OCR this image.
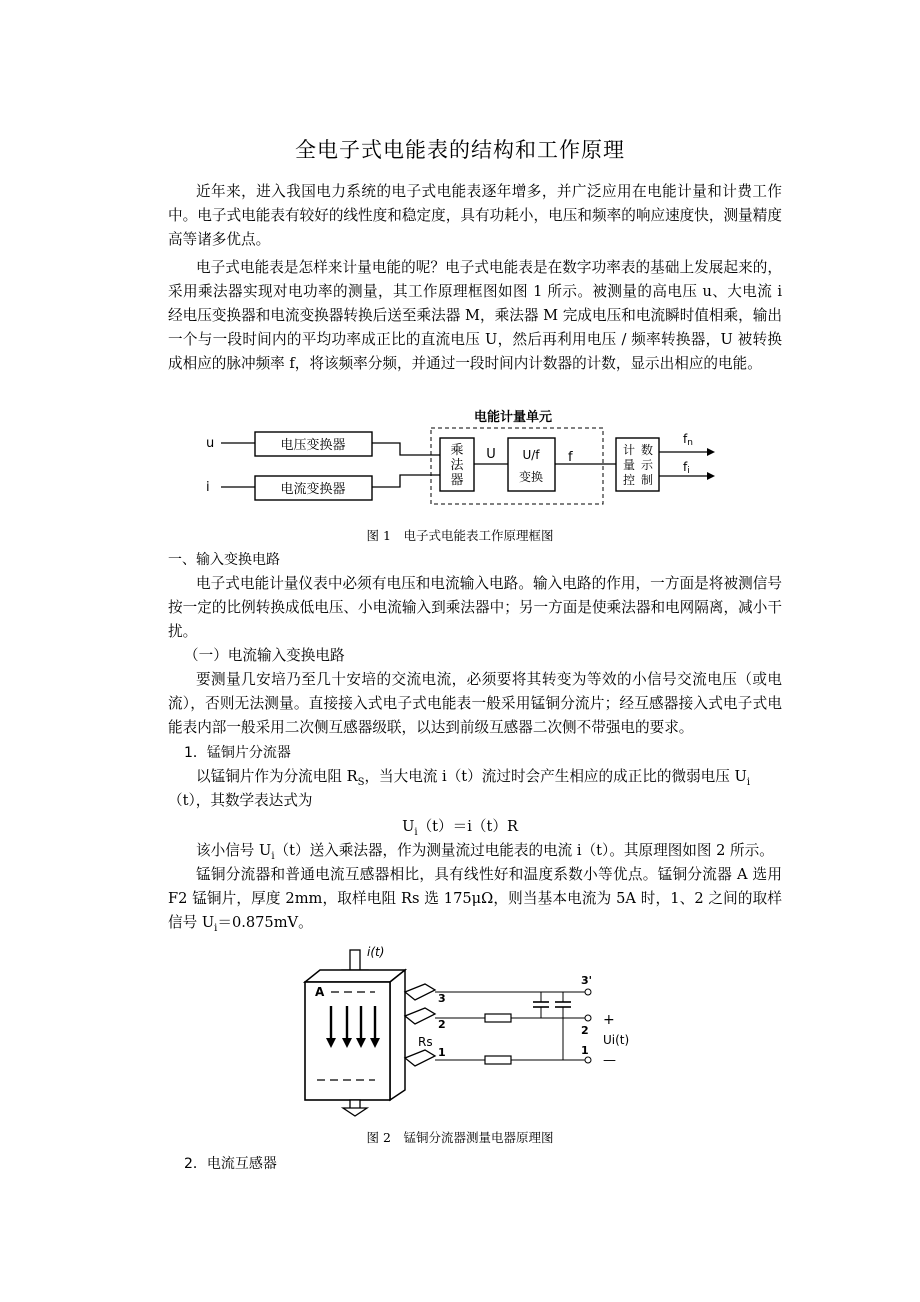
全电子式电能表的结构和工作原理

近年来，进入我国电力系统的电子式电能表逐年增多，并广泛应用在电能计量和计费工作中。电子式电能表有较好的线性度和稳定度，具有功耗小，电压和频率的响应速度快，测量精度高等诸多优点。

电子式电能表是怎样来计量电能的呢？电子式电能表是在数字功率表的基础上发展起来的，采用乘法器实现对电功率的测量，其工作原理框图如图 1 所示。被测量的高电压 u、大电流 i 经电压变换器和电流变换器转换后送至乘法器 M，乘法器 M 完成电压和电流瞬时值相乘，输出一个与一段时间内的平均功率成正比的直流电压 U，然后再利用电压 / 频率转换器，U 被转换成相应的脉冲频率 f，将该频率分频，并通过一段时间内计数器的计数，显示出相应的电能。

电能计量单元
u
i
电压变换器
电流变换器
乘
法
器
U U/f
变换
f	计
量
控
数
示
制
fn
fi
图 1　电子式电能表工作原理框图
一、输入变换电路

电子式电能计量仪表中必须有电压和电流输入电路。输入电路的作用，一方面是将被测信号按一定的比例转换成低电压、小电流输入到乘法器中；另一方面是使乘法器和电网隔离，减小干扰。

（一）电流输入变换电路

要测量几安培乃至几十安培的交流电流，必须要将其转变为等效的小信号交流电压（或电流），否则无法测量。直接接入式电子式电能表一般采用锰铜分流片；经互感器接入式电子式电能表内部一般采用二次侧互感器级联，以达到前级互感器二次侧不带强电的要求。

1．锰铜片分流器
以锰铜片作为分流电阻 $R_S$，当大电流 i（t）流过时会产生相应的成正比的微弱电压 $U_i$
（t），其数学表达式为
$U_i(t)=i(t)R$
该小信号 $U_i(t)$送入乘法器，作为测量流过电能表的电流 i（t）。其原理图如图 2 所示。

锰铜分流器和普通电流互感器相比，具有线性好和温度系数小等优点。锰铜分流器 A 选用 F2 锰铜片，厚度 2mm，取样电阻 Rs 选 175μΩ，则当基本电流为 5A 时，1、2 之间的取样信号 $U_i=0.875mV$。

i(t)
A	3
2
1
Rs
3'
2
1
+
Ui(t)
—
图 2　锰铜分流器测量电器原理图
2．电流互感器
